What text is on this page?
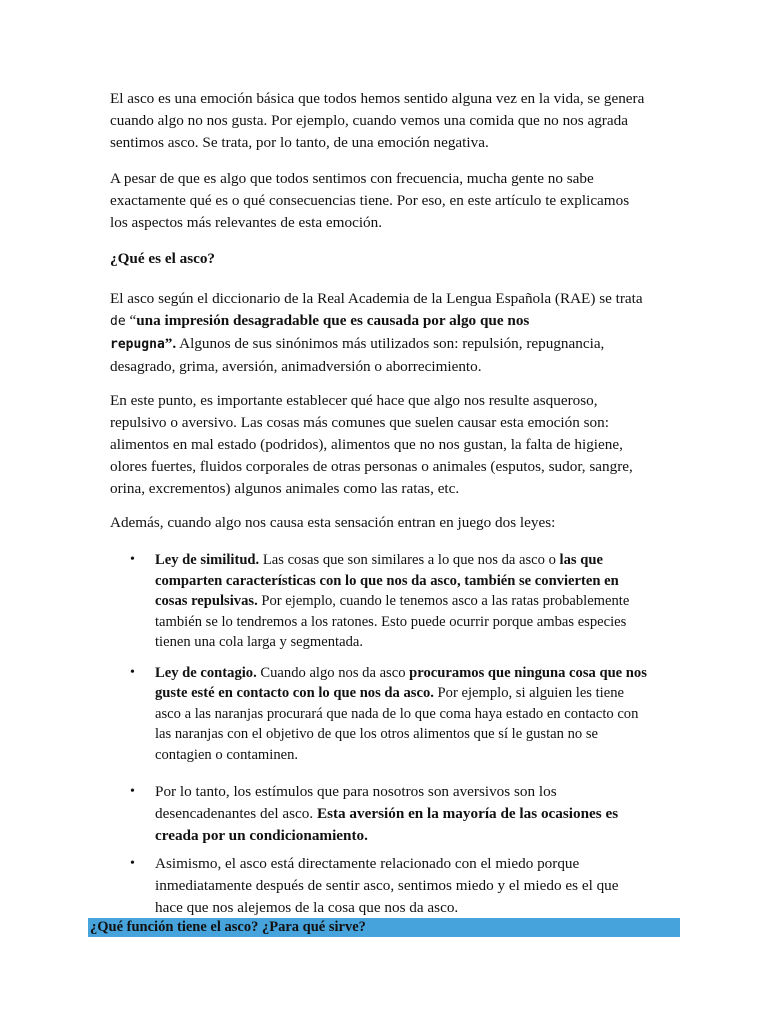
El asco es una emoción básica que todos hemos sentido alguna vez en la vida, se genera cuando algo no nos gusta. Por ejemplo, cuando vemos una comida que no nos agrada sentimos asco. Se trata, por lo tanto, de una emoción negativa.

A pesar de que es algo que todos sentimos con frecuencia, mucha gente no sabe exactamente qué es o qué consecuencias tiene. Por eso, en este artículo te explicamos los aspectos más relevantes de esta emoción.

¿Qué es el asco?

El asco según el diccionario de la Real Academia de la Lengua Española (RAE) se trata de “una impresión desagradable que es causada por algo que nos
repugna”. Algunos de sus sinónimos más utilizados son: repulsión, repugnancia, desagrado, grima, aversión, animadversión o aborrecimiento.

En este punto, es importante establecer qué hace que algo nos resulte asqueroso, repulsivo o aversivo. Las cosas más comunes que suelen causar esta emoción son: alimentos en mal estado (podridos), alimentos que no nos gustan, la falta de higiene, olores fuertes, fluidos corporales de otras personas o animales (esputos, sudor, sangre, orina, excrementos) algunos animales como las ratas, etc.

Además, cuando algo nos causa esta sensación entran en juego dos leyes:

• Ley de similitud. Las cosas que son similares a lo que nos da asco o las que comparten características con lo que nos da asco, también se convierten en cosas repulsivas. Por ejemplo, cuando le tenemos asco a las ratas probablemente también se lo tendremos a los ratones. Esto puede ocurrir porque ambas especies tienen una cola larga y segmentada.
• Ley de contagio. Cuando algo nos da asco procuramos que ninguna cosa que nos guste esté en contacto con lo que nos da asco. Por ejemplo, si alguien les tiene asco a las naranjas procurará que nada de lo que coma haya estado en contacto con las naranjas con el objetivo de que los otros alimentos que sí le gustan no se contagien o contaminen.
• Por lo tanto, los estímulos que para nosotros son aversivos son los desencadenantes del asco. Esta aversión en la mayoría de las ocasiones es creada por un condicionamiento.
• Asimismo, el asco está directamente relacionado con el miedo porque inmediatamente después de sentir asco, sentimos miedo y el miedo es el que hace que nos alejemos de la cosa que nos da asco.
¿Qué función tiene el asco? ¿Para qué sirve?
